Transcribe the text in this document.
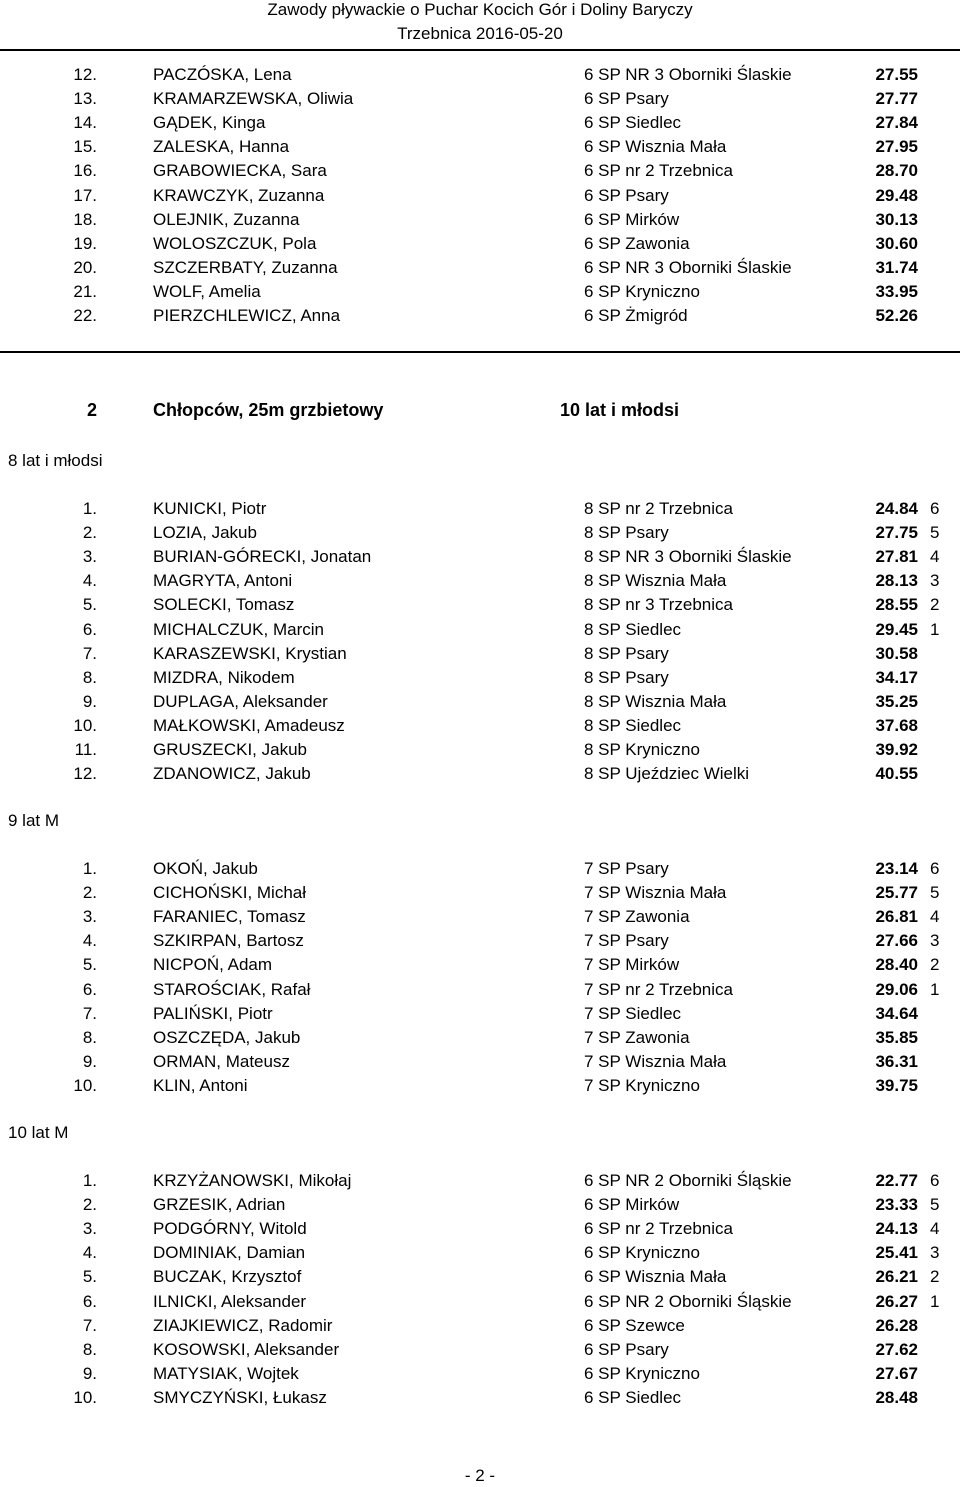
Zawody pływackie o Puchar Kocich Gór i Doliny Baryczy
Trzebnica 2016-05-20
12.	PACZÓSKA, Lena	6 SP NR 3 Oborniki Ślaskie	27.55
13.	KRAMARZEWSKA, Oliwia	6 SP Psary	27.77
14.	GĄDEK, Kinga	6 SP Siedlec	27.84
15.	ZALESKA, Hanna	6 SP Wisznia Mała	27.95
16.	GRABOWIECKA, Sara	6 SP nr 2 Trzebnica	28.70
17.	KRAWCZYK, Zuzanna	6 SP Psary	29.48
18.	OLEJNIK, Zuzanna	6 SP Mirków	30.13
19.	WOLOSZCZUK, Pola	6 SP Zawonia	30.60
20.	SZCZERBATY, Zuzanna	6 SP NR 3 Oborniki Ślaskie	31.74
21.	WOLF, Amelia	6 SP Kryniczno	33.95
22.	PIERZCHLEWICZ, Anna	6 SP Żmigród	52.26
2	Chłopców, 25m grzbietowy	10 lat i młodsi
8 lat i młodsi
1.	KUNICKI, Piotr	8 SP nr 2 Trzebnica	24.84 6
2.	LOZIA, Jakub	8 SP Psary	27.75 5
3.	BURIAN-GÓRECKI, Jonatan	8 SP NR 3 Oborniki Ślaskie	27.81 4
4.	MAGRYTA, Antoni	8 SP Wisznia Mała	28.13 3
5.	SOLECKI, Tomasz	8 SP nr 3 Trzebnica	28.55 2
6.	MICHALCZUK, Marcin	8 SP Siedlec	29.45 1
7.	KARASZEWSKI, Krystian	8 SP Psary	30.58
8.	MIZDRA, Nikodem	8 SP Psary	34.17
9.	DUPLAGA, Aleksander	8 SP Wisznia Mała	35.25
10.	MAŁKOWSKI, Amadeusz	8 SP Siedlec	37.68
11.	GRUSZECKI, Jakub	8 SP Kryniczno	39.92
12.	ZDANOWICZ, Jakub	8 SP Ujeździec Wielki	40.55
9 lat M
1.	OKOŃ, Jakub	7 SP Psary	23.14 6
2.	CICHOŃSKI, Michał	7 SP Wisznia Mała	25.77 5
3.	FARANIEC, Tomasz	7 SP Zawonia	26.81 4
4.	SZKIRPAN, Bartosz	7 SP Psary	27.66 3
5.	NICPOŃ, Adam	7 SP Mirków	28.40 2
6.	STAROŚCIAK, Rafał	7 SP nr 2 Trzebnica	29.06 1
7.	PALIŃSKI, Piotr	7 SP Siedlec	34.64
8.	OSZCZĘDA, Jakub	7 SP Zawonia	35.85
9.	ORMAN, Mateusz	7 SP Wisznia Mała	36.31
10.	KLIN, Antoni	7 SP Kryniczno	39.75
10 lat M
1.	KRZYŻANOWSKI, Mikołaj	6 SP NR 2 Oborniki Śląskie	22.77 6
2.	GRZESIK, Adrian	6 SP Mirków	23.33 5
3.	PODGÓRNY, Witold	6 SP nr 2 Trzebnica	24.13 4
4.	DOMINIAK, Damian	6 SP Kryniczno	25.41 3
5.	BUCZAK, Krzysztof	6 SP Wisznia Mała	26.21 2
6.	ILNICKI, Aleksander	6 SP NR 2 Oborniki Śląskie	26.27 1
7.	ZIAJKIEWICZ, Radomir	6 SP Szewce	26.28
8.	KOSOWSKI, Aleksander	6 SP Psary	27.62
9.	MATYSIAK, Wojtek	6 SP Kryniczno	27.67
10.	SMYCZYŃSKI, Łukasz	6 SP Siedlec	28.48
- 2 -
